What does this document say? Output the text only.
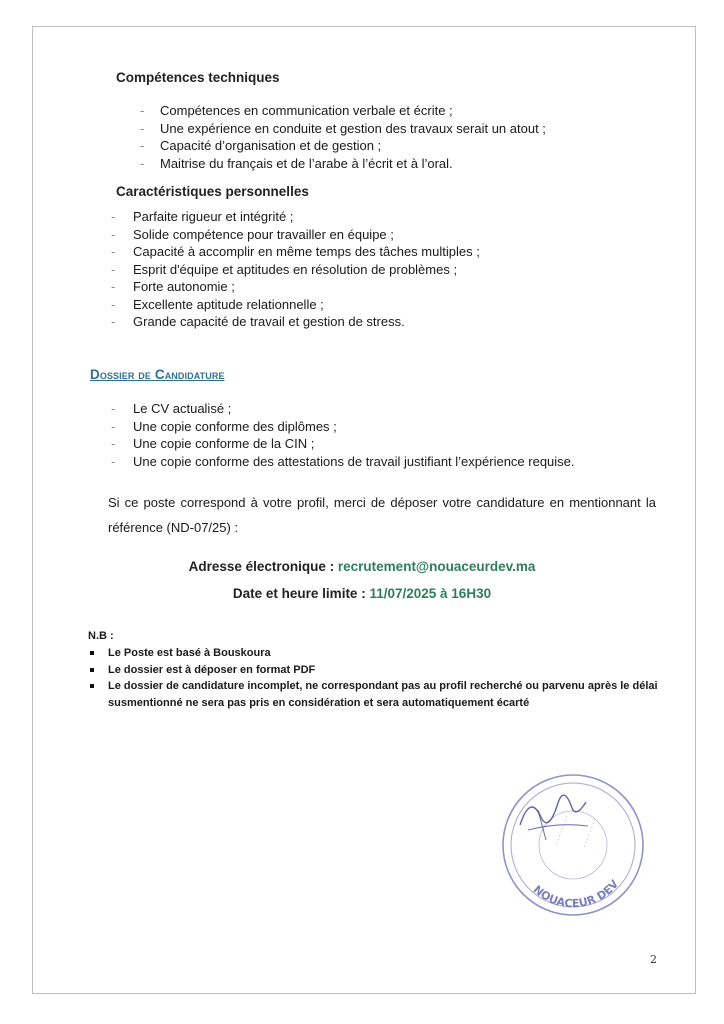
Compétences techniques
- Compétences en communication verbale et écrite ;
- Une expérience en conduite et gestion des travaux serait un atout ;
- Capacité d’organisation et de gestion ;
- Maitrise du français et de l’arabe à l’écrit et à l’oral.
Caractéristiques personnelles
- Parfaite rigueur et intégrité ;
- Solide compétence pour travailler en équipe ;
- Capacité à accomplir en même temps des tâches multiples ;
- Esprit d'équipe et aptitudes en résolution de problèmes ;
- Forte autonomie ;
- Excellente aptitude relationnelle ;
- Grande capacité de travail et gestion de stress.
Dossier de Candidature
- Le CV actualisé ;
- Une copie conforme des diplômes ;
- Une copie conforme de la CIN ;
- Une copie conforme des attestations de travail justifiant l’expérience requise.

Si ce poste correspond à votre profil, merci de déposer votre candidature en mentionnant la référence (ND-07/25) :

Adresse électronique : recrutement@nouaceurdev.ma

Date et heure limite : 11/07/2025 à 16H30

N.B :

Le Poste est basé à Bouskoura
Le dossier est à déposer en format PDF
Le dossier de candidature incomplet, ne correspondant pas au profil recherché ou parvenu après le délai susmentionné ne sera pas pris en considération et sera automatiquement écarté
NOUACEUR DEV
- - - - - - - - - - - - - - - -
2
